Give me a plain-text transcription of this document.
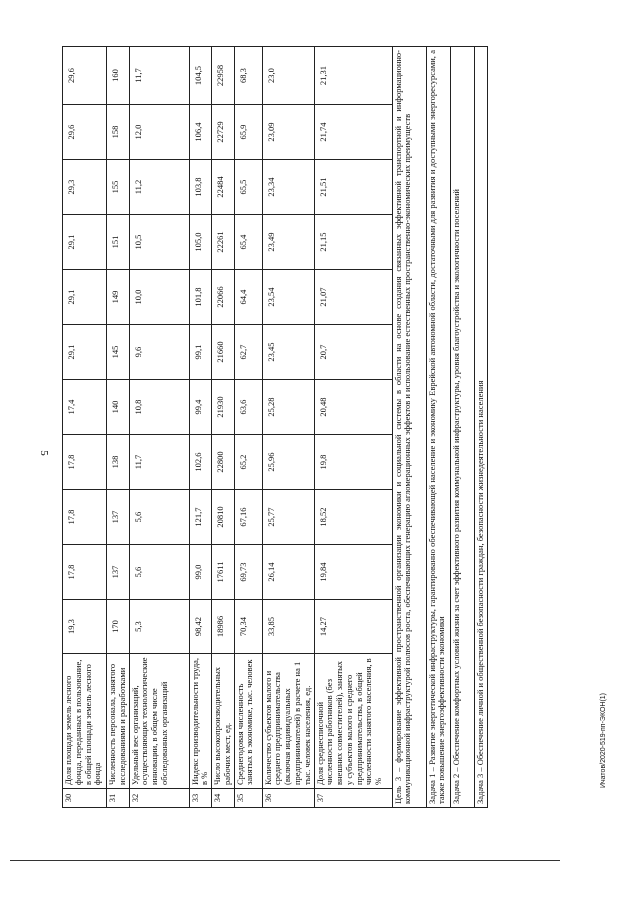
5
Ичатов/2020-519-пп-ЭКОН(1)
30	Доля площади земель лесного фонда, переданных в пользование, в общей площади земель лесного фонда	19,3	17,8	17,8	17,8	17,4	29,1	29,1	29,1	29,3	29,6	29,6
31	Численность персонала, занятого исследованиями и разработками	170	137	137	138	140	145	149	151	155	158	160
32	Удельный вес организаций, осуществляющих технологические инновации, в общем числе обследованных организаций	5,3	5,6	5,6	11,7	10,8	9,6	10,0	10,5	11,2	12,0	11,7
33	Индекс производительности труда, в %	98,42	99,0	121,7	102,6	99,4	99,1	101,8	105,0	103,8	106,4	104,5
34	Число высокопроизводительных рабочих мест, ед.	18986	17611	20810	22800	21930	21660	22066	22261	22484	22729	22958
35	Среднегодовая численность занятых в экономике, тыс. человек	70,34	69,73	67,16	65,2	63,6	62,7	64,4	65,4	65,5	65,9	68,3
36	Количество субъектов малого и среднего предпринимательства (включая индивидуальных предпринимателей) в расчете на 1 тыс. человек населения, ед.	33,85	26,14	25,77	25,96	25,28	23,45	23,54	23,49	23,34	23,09	23,0
37	Доля среднесписочной численности работников (без внешних совместителей), занятых у субъектов малого и среднего предпринимательства, в общей численности занятого населения, в %	14,27	19,84	18,52	19,8	20,48	20,7	21,07	21,15	21,51	21,74	21,31
Цель 3 – формирование эффективной пространственной организации экономики и социальной системы в области на основе создания связанных эффективной транспортной и информационно-коммуникационной инфраструктурой полюсов роста, обеспечивающих генерацию агломерационных эффектов и использование естественных пространственно-экономических преимуществ												
Задача 1 – Развитие энергетической инфраструктуры, гарантированно обеспечивающей население и экономику Еврейской автономной области, достаточными для развития и доступными энергоресурсами, а также повышение энергоэффективности экономики												
Задача 2 – Обеспечение комфортных условий жизни за счет эффективного развития коммунальной инфраструктуры, уровня благоустройства и экологичности поселений												
Задача 3 – Обеспечение личной и общественной безопасности граждан, безопасности жизнедеятельности населения												
